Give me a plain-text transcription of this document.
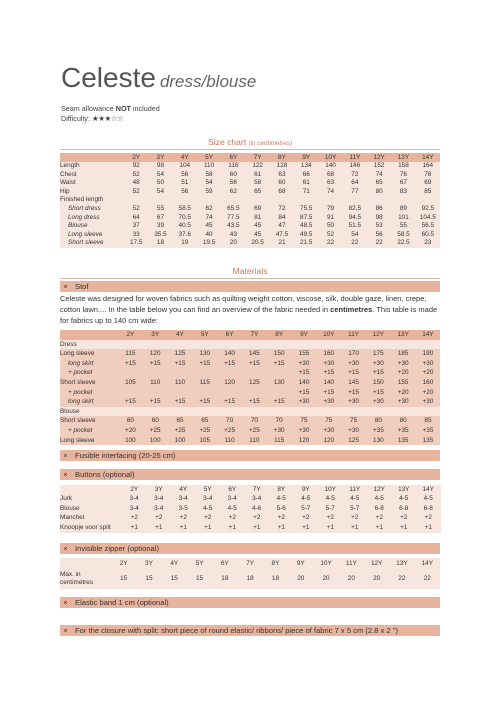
Celeste dress/blouse
Seam allowance NOT included
Difficulty: ★★★☆☆
Size chart (in centimetres)
	2Y	3Y	4Y	5Y	6Y	7Y	8Y	9Y	10Y	11Y	12Y	13Y	14Y
Length	92	98	104	110	116	122	128	134	140	146	152	158	164
Chest	52	54	56	58	60	61	63	66	68	72	74	76	78
Waist	48	50	51	54	56	58	60	61	63	64	65	67	69
Hip	52	54	56	59	62	65	68	71	74	77	80	83	85
Finished length													
Short dress	52	55	58.5	62	65.5	69	72	75.5	79	82.5	86	89	92.5
Long dress	64	67	70.5	74	77.5	81	84	87.5	91	94.5	98	101	104.5
Blouse	37	39	40.5	45	43.5	45	47	48.5	50	51.5	53	55	56.5
Long sleeve	33	35.5	37.6	40	43	45	47.5	49.5	52	54	56	58.5	60.5
Short sleeve	17.5	18	19	19.5	20	20.5	21	21.5	22	22	22	22.5	23
Materials
× Stof
Celeste was designed for woven fabrics such as quilting weight cotton, viscose, silk, double gaze, linen, crepe, cotton lawn.... In the table below you can find an overview of the fabric needed in centimetres. This table is made for fabrics up to 140 cm wide:
	2Y	3Y	4Y	5Y	6Y	7Y	8Y	9Y	10Y	11Y	12Y	13Y	14Y
Dress													
Long sleeve	115	120	125	130	140	145	150	155	160	170	175	185	190
long skirt	+15	+15	+15	+15	+15	+15	+15	+30	+30	+30	+30	+30	+30
+ pocket								+15	+15	+15	+15	+20	+20
Short sleeve	105	110	110	115	120	125	130	140	140	145	150	155	160
+ pocket								+15	+15	+15	+15	+20	+20
long skirt	+15	+15	+15	+15	+15	+15	+15	+30	+30	+30	+30	+30	+30
Blouse													
Short sleeve	60	60	65	65	70	70	70	75	75	75	80	80	85
+ pocket	+20	+25	+25	+25	+25	+25	+30	+30	+30	+30	+35	+35	+35
Long sleeve	100	100	100	105	110	110	115	120	120	125	130	135	135
× Fusible interfacing (20-25 cm)
× Buttons (optional)
	2Y	3Y	4Y	5Y	6Y	7Y	8Y	9Y	10Y	11Y	12Y	13Y	14Y
Jurk	3-4	3-4	3-4	3-4	3-4	3-4	4-5	4-5	4-5	4-5	4-5	4-5	4-5
Blouse	3-4	3-4	3-5	4-5	4-5	4-6	5-6	5-7	5-7	5-7	6-8	6-8	6-8
Manchet	+2	+2	+2	+2	+2	+2	+2	+2	+2	+2	+2	+2	+2
Knoopje voor split	+1	+1	+1	+1	+1	+1	+1	+1	+1	+1	+1	+1	+1
× Invisible zipper (optional)
	2Y	3Y	4Y	5Y	6Y	7Y	8Y	9Y	10Y	11Y	12Y	13Y	14Y
Max. in centimetres	15	15	15	15	18	18	18	20	20	20	20	22	22
× Elastic band 1 cm (optional)
× For the closure with split: short piece of round elastic/ ribbons/ piece of fabric 7 x 5 cm (2.8 x 2 ")
